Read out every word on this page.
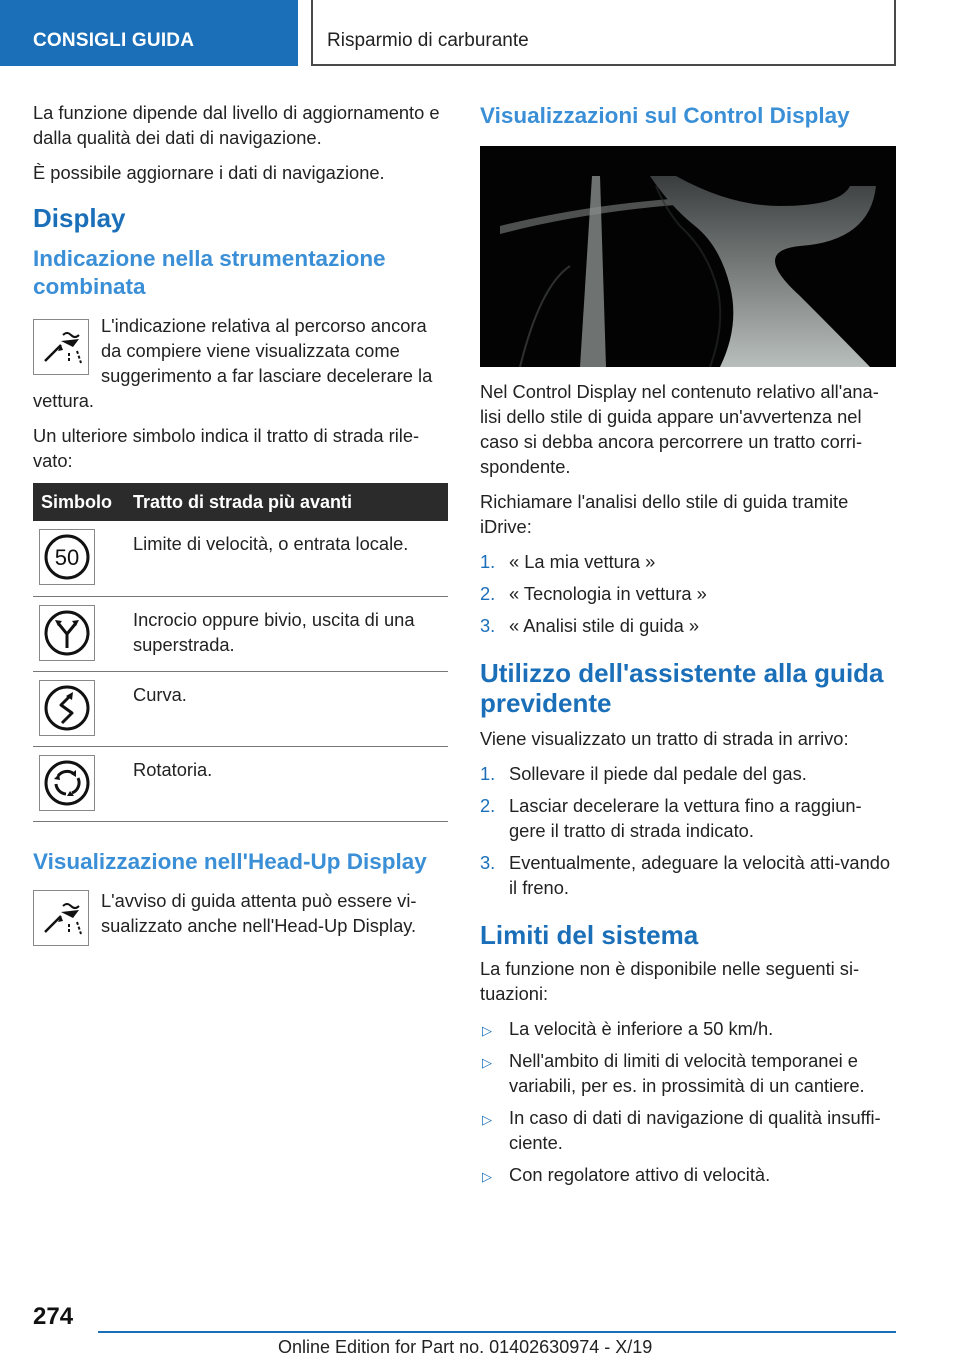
CONSIGLI GUIDA	Risparmio di carburante

La funzione dipende dal livello di aggiornamento e dalla qualità dei dati di navigazione.

È possibile aggiornare i dati di navigazione.

Display
Indicazione nella strumentazione combinata

L'indicazione relativa al percorso ancora da compiere viene visualizzata come suggerimento a far lasciare decelerare la vettura.

Un ulteriore simbolo indica il tratto di strada rile-vato:

Simbolo	Tratto di strada più avanti

50	Limite di velocità, o entrata locale.

	Incrocio oppure bivio, uscita di una superstrada.

	Curva.

	Rotatoria.
Visualizzazione nell'Head-Up Display

L'avviso di guida attenta può essere vi-sualizzato anche nell'Head-Up Display.

Visualizzazioni sul Control Display

Nel Control Display nel contenuto relativo all'ana-lisi dello stile di guida appare un'avvertenza nel caso si debba ancora percorrere un tratto corri-spondente.

Richiamare l'analisi dello stile di guida tramite iDrive:

1. « La mia vettura »
2. « Tecnologia in vettura »
3. « Analisi stile di guida »
Utilizzo dell'assistente alla guida previdente

Viene visualizzato un tratto di strada in arrivo:

1. Sollevare il piede dal pedale del gas.
2. Lasciar decelerare la vettura fino a raggiun-gere il tratto di strada indicato.
3. Eventualmente, adeguare la velocità atti-vando il freno.
Limiti del sistema

La funzione non è disponibile nelle seguenti si-tuazioni:

▷ La velocità è inferiore a 50 km/h.
▷ Nell'ambito di limiti di velocità temporanei e variabili, per es. in prossimità di un cantiere.
▷ In caso di dati di navigazione di qualità insuffi-ciente.
▷ Con regolatore attivo di velocità.
274
Online Edition for Part no. 01402630974 - X/19
